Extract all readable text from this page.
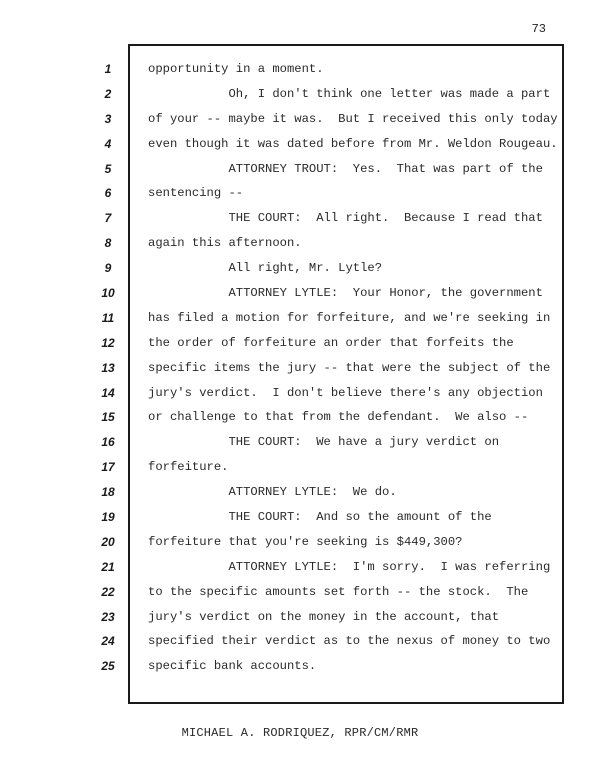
73
1	opportunity in a moment.
2	Oh, I don't think one letter was made a part
3	of your -- maybe it was.  But I received this only today
4	even though it was dated before from Mr. Weldon Rougeau.
5	ATTORNEY TROUT:  Yes.  That was part of the
6	sentencing --
7	THE COURT:  All right.  Because I read that
8	again this afternoon.
9	All right, Mr. Lytle?
10	ATTORNEY LYTLE:  Your Honor, the government
11	has filed a motion for forfeiture, and we're seeking in
12	the order of forfeiture an order that forfeits the
13	specific items the jury -- that were the subject of the
14	jury's verdict.  I don't believe there's any objection
15	or challenge to that from the defendant.  We also --
16	THE COURT:  We have a jury verdict on
17	forfeiture.
18	ATTORNEY LYTLE:  We do.
19	THE COURT:  And so the amount of the
20	forfeiture that you're seeking is $449,300?
21	ATTORNEY LYTLE:  I'm sorry.  I was referring
22	to the specific amounts set forth -- the stock.  The
23	jury's verdict on the money in the account, that
24	specified their verdict as to the nexus of money to two
25	specific bank accounts.
MICHAEL A. RODRIQUEZ, RPR/CM/RMR
